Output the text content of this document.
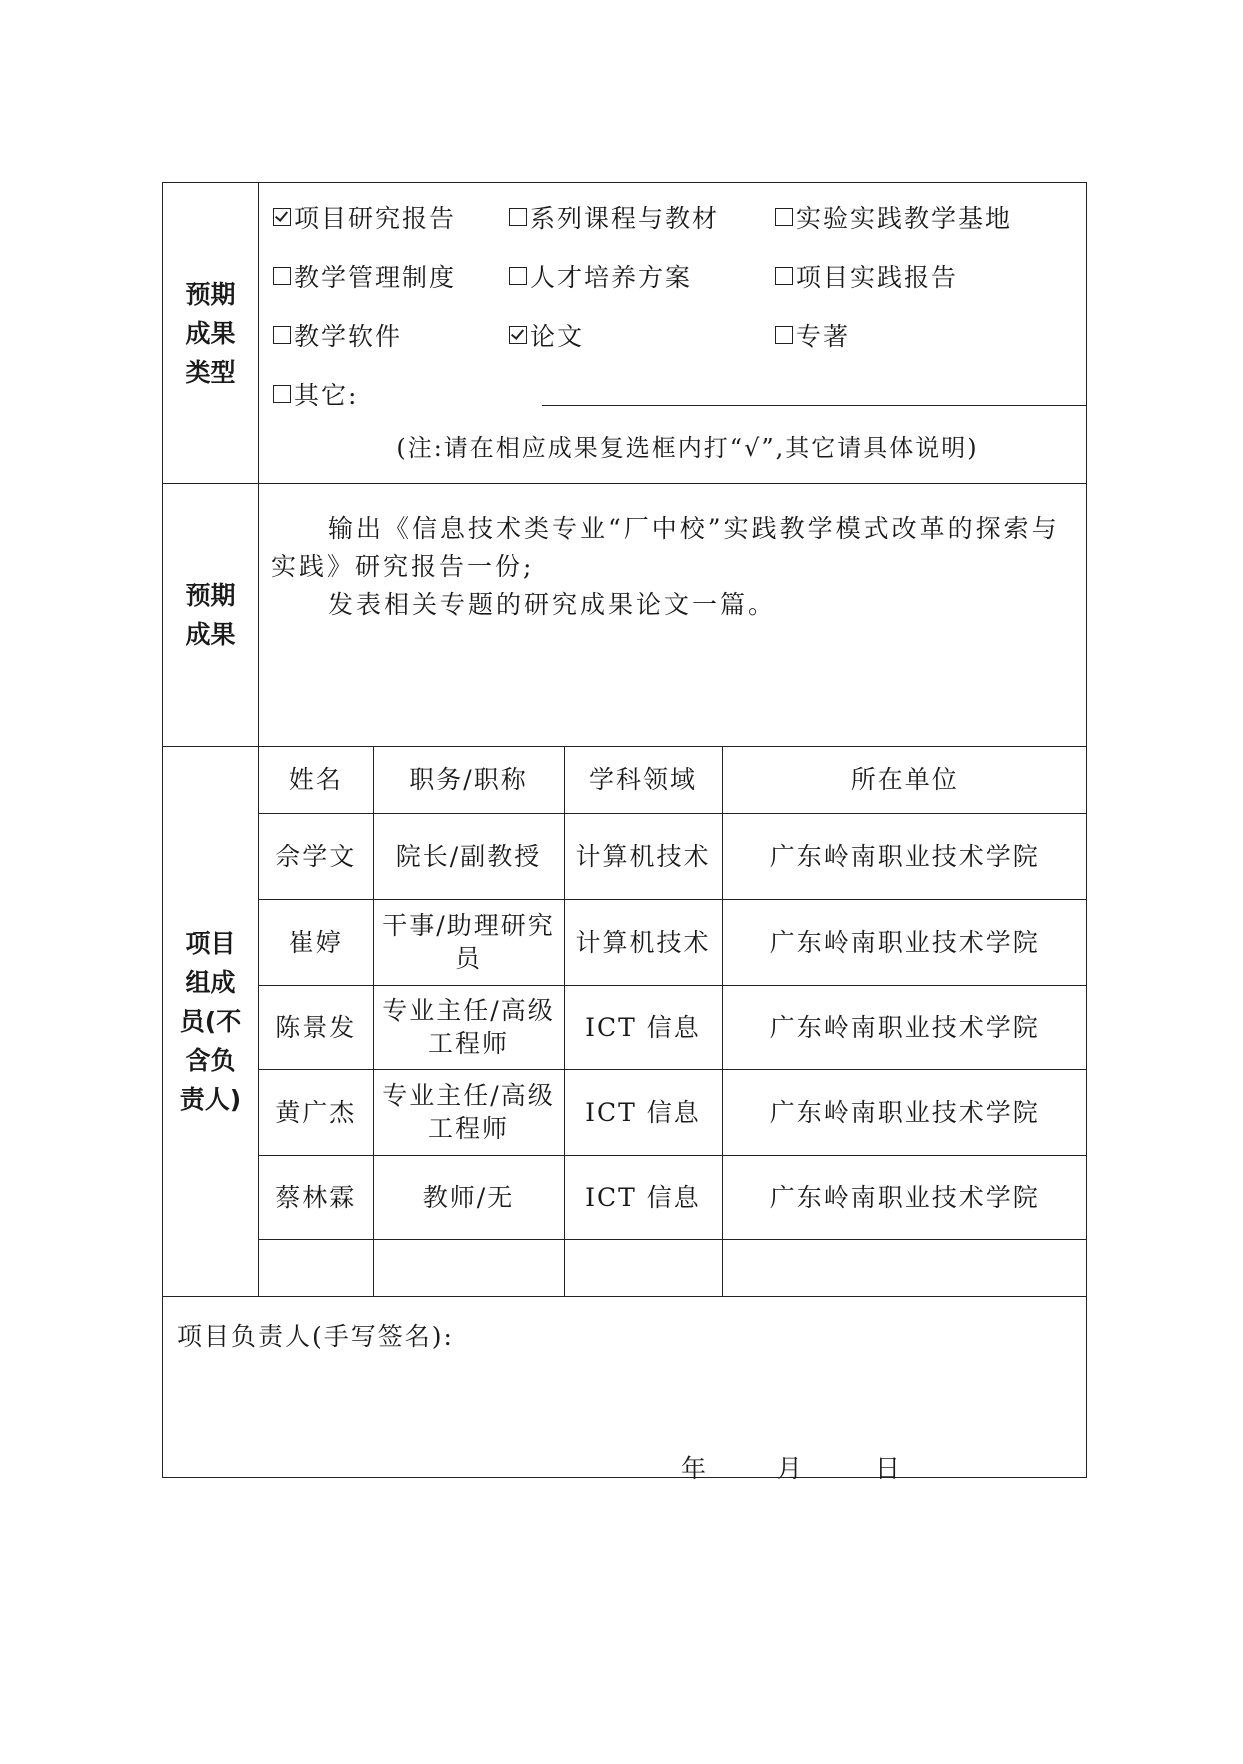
预期
成果
类型

项目研究报告	系列课程与教材	实验实践教学基地
教学管理制度	人才培养方案	项目实践报告
教学软件	论文	专著
其它:
(注:请在相应成果复选框内打“√”,其它请具体说明)

预期
成果

输出《信息技术类专业“厂中校”实践教学模式改革的探索与实践》研究报告一份;

发表相关专题的研究成果论文一篇。

项目
组成
员(不
含负
责人)

姓名	职务/职称	学科领域	所在单位
佘学文	院长/副教授	计算机技术	广东岭南职业技术学院
崔婷	干事/助理研究员	计算机技术	广东岭南职业技术学院
陈景发	专业主任/高级工程师	ICT 信息	广东岭南职业技术学院
黄广杰	专业主任/高级工程师	ICT 信息	广东岭南职业技术学院
蔡林霖	教师/无	ICT 信息	广东岭南职业技术学院

项目负责人(手写签名):
年	月	日
